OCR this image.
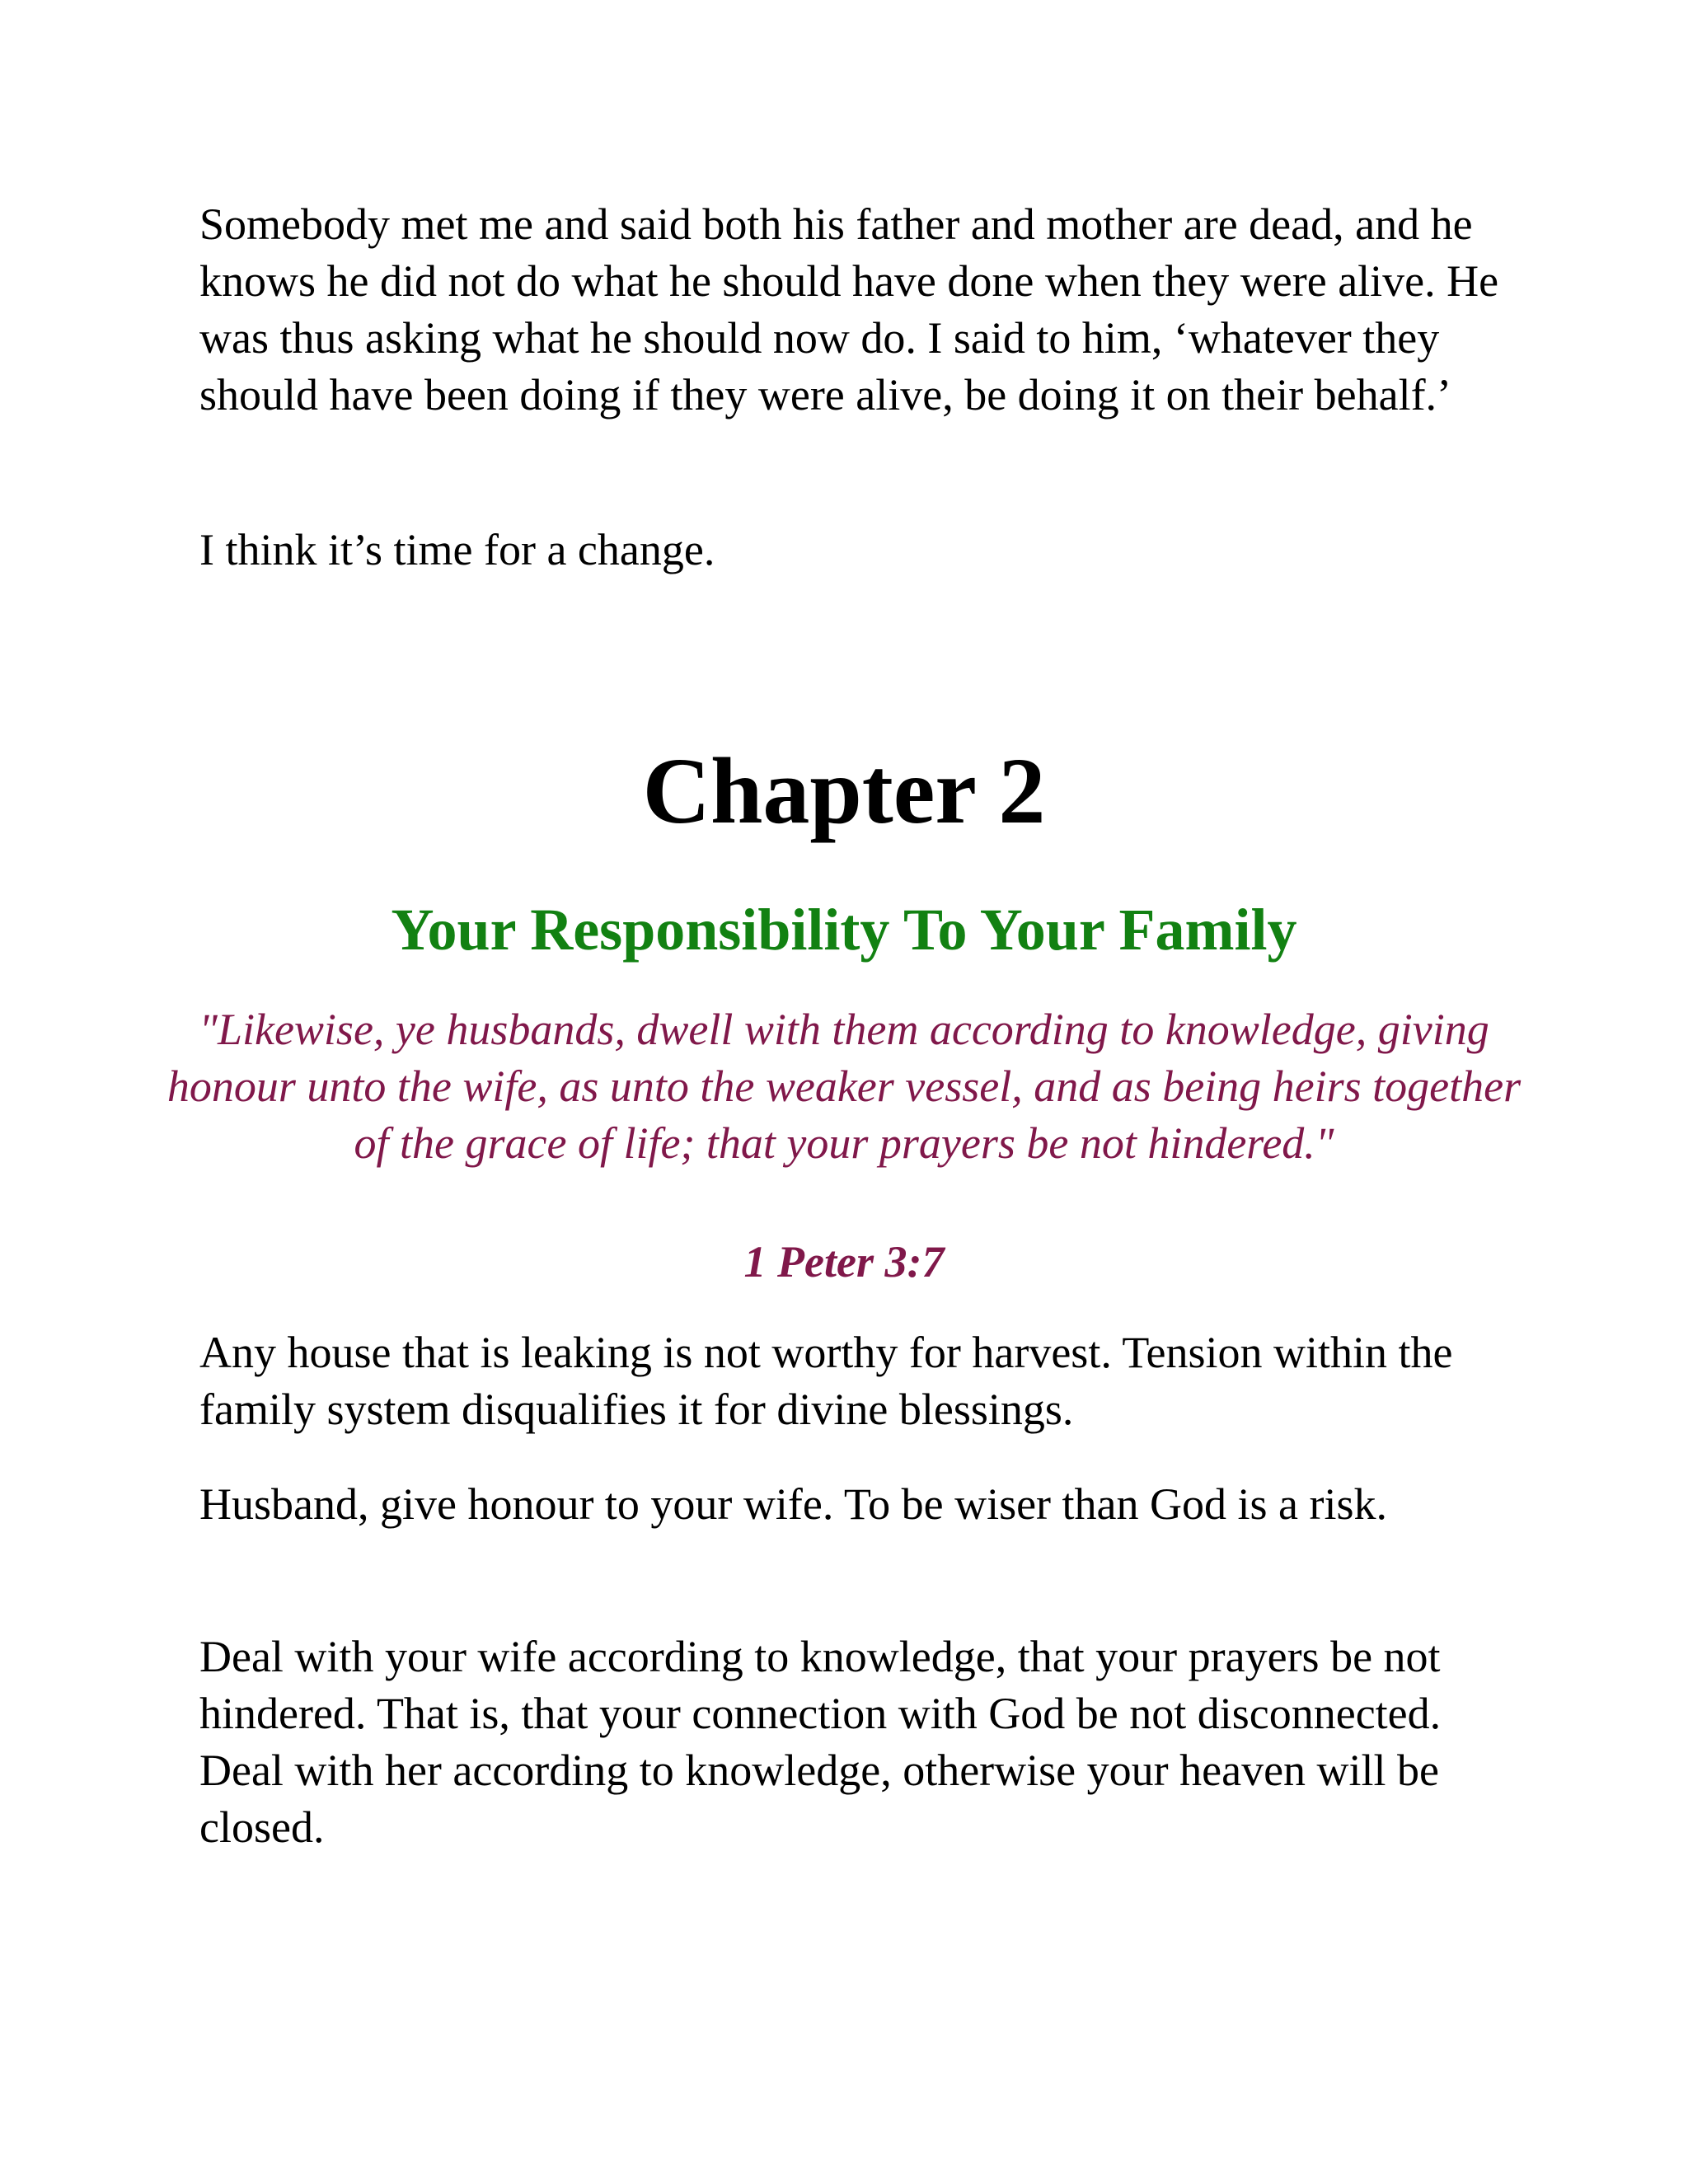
Somebody met me and said both his father and mother are dead, and he knows he did not do what he should have done when they were alive. He was thus asking what he should now do. I said to him, ‘whatever they should have been doing if they were alive, be doing it on their behalf.’

I think it’s time for a change.

Chapter 2
Your Responsibility To Your Family

"Likewise, ye husbands, dwell with them according to knowledge, giving honour unto the wife, as unto the weaker vessel, and as being heirs together of the grace of life; that your prayers be not hindered."

1 Peter 3:7

Any house that is leaking is not worthy for harvest. Tension within the family system disqualifies it for divine blessings.

Husband, give honour to your wife. To be wiser than God is a risk.

Deal with your wife according to knowledge, that your prayers be not hindered. That is, that your connection with God be not disconnected. Deal with her according to knowledge, otherwise your heaven will be closed.
